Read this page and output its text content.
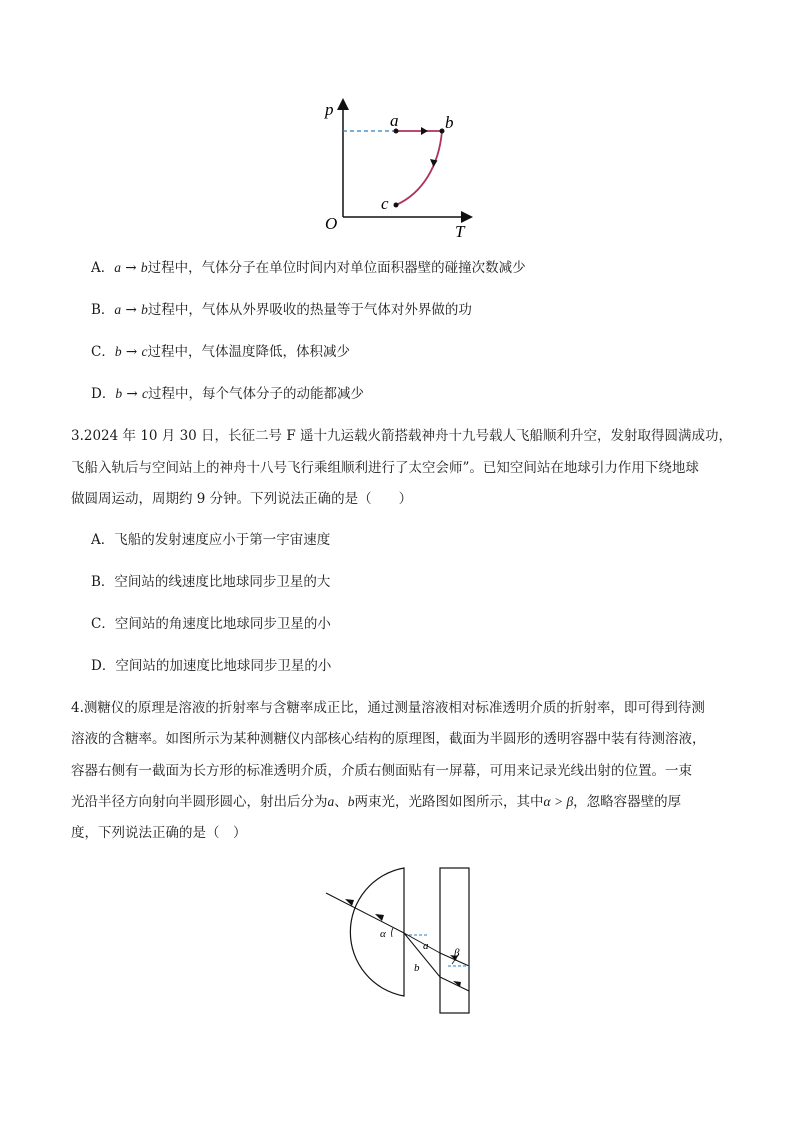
p
a	b
c
O	T
A．a → b过程中，气体分子在单位时间内对单位面积器壁的碰撞次数减少
B．a → b过程中，气体从外界吸收的热量等于气体对外界做的功
C．b → c过程中，气体温度降低，体积减少
D．b → c过程中，每个气体分子的动能都减少
3.2024 年 10 月 30 日，长征二号 F 遥十九运载火箭搭载神舟十九号载人飞船顺利升空，发射取得圆满成功，
飞船入轨后与空间站上的神舟十八号飞行乘组顺利进行了太空会师”。已知空间站在地球引力作用下绕地球
做圆周运动，周期约 9 分钟。下列说法正确的是（　　）
A．飞船的发射速度应小于第一宇宙速度
B．空间站的线速度比地球同步卫星的大
C．空间站的角速度比地球同步卫星的小
D．空间站的加速度比地球同步卫星的小
4.测糖仪的原理是溶液的折射率与含糖率成正比，通过测量溶液相对标准透明介质的折射率，即可得到待测
溶液的含糖率。如图所示为某种测糖仪内部核心结构的原理图，截面为半圆形的透明容器中装有待测溶液，
容器右侧有一截面为长方形的标准透明介质，介质右侧面贴有一屏幕，可用来记录光线出射的位置。一束
光沿半径方向射向半圆形圆心，射出后分为a、b两束光，光路图如图所示，其中α > β，忽略容器壁的厚
度，下列说法正确的是（　）
α
a
b
β
